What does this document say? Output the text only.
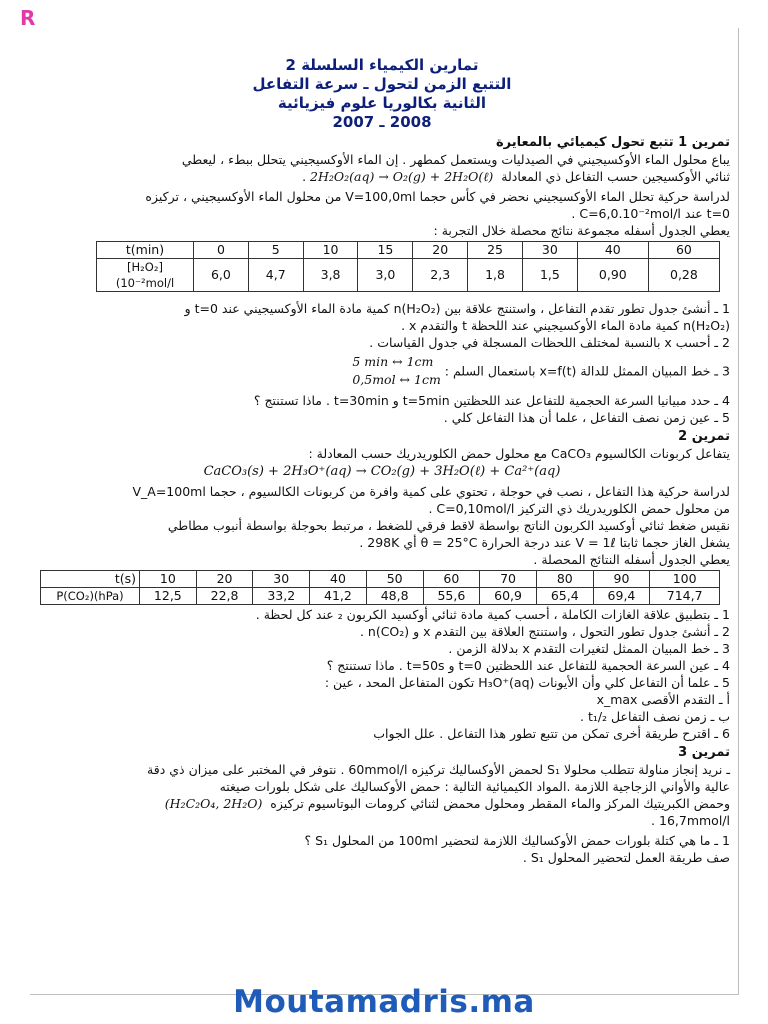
R
تمارين الكيمياء السلسلة 2
التتبع الزمن لتحول ـ سرعة التفاعل
الثانية بكالوريا علوم فيزيائية
2008 ـ 2007
تمرين 1 تتبع تحول كيميائي بالمعايرة

يباع محلول الماء الأوكسيجيني في الصيدليات ويستعمل كمطهر . إن الماء الأوكسيجيني يتحلل ببطء ، ليعطي

ثنائي الأوكسيجين حسب التفاعل ذي المعادلة  2H₂O₂(aq) → O₂(g) + 2H₂O(ℓ) .

لدراسة حركية تحلل الماء الأوكسيجيني نحضر في كأس حجما V=100,0ml من محلول الماء الأوكسيجيني ، تركيزه

t=0 عند C=6,0.10⁻²mol/l .

يعطي الجدول أسفله مجموعة نتائج محصلة خلال التجربة :

t(min)	0	5	10	15	20	25	30	40	60
[H₂O₂] (10⁻²mol/l	6,0	4,7	3,8	3,0	2,3	1,8	1,5	0,90	0,28

1 ـ أنشئ جدول تطور تقدم التفاعل ، واستنتج علاقة بين n(H₂O₂) كمية مادة الماء الأوكسيجيني عند t=0 و

n(H₂O₂) كمية مادة الماء الأوكسيجيني عند اللحظة t والتقدم x .

2 ـ أحسب x بالنسبة لمختلف اللحظات المسجلة في جدول القياسات .

3 ـ خط المبيان الممثل للدالة x=f(t) باستعمال السلم : 5 min ↔ 1cm
0,5mol ↔ 1cm

4 ـ حدد مبيانيا السرعة الحجمية للتفاعل عند اللحظتين t=5min و t=30min . ماذا تستنتج ؟

5 ـ عين زمن نصف التفاعل ، علما أن هذا التفاعل كلي .

تمرين 2

يتفاعل كربونات الكالسيوم CaCO₃ مع محلول حمض الكلوريدريك حسب المعادلة :

CaCO₃(s) + 2H₃O⁺(aq) → CO₂(g) + 3H₂O(ℓ) + Ca²⁺(aq)

لدراسة حركية هذا التفاعل ، نصب في حوجلة ، تحتوي على كمية وافرة من كربونات الكالسيوم ، حجما V_A=100ml

من محلول حمض الكلوريدريك ذي التركيز C=0,10mol/l .

نقيس ضغط ثنائي أوكسيد الكربون الناتج بواسطة لاقط فرقي للضغط ، مرتبط بحوجلة بواسطة أنبوب مطاطي

يشغل الغاز حجما ثابتا V = 1ℓ عند درجة الحرارة θ = 25°C أي 298K .

يعطي الجدول أسفله النتائج المحصلة .

t(s)	10	20	30	40	50	60	70	80	90	100
P(CO₂)(hPa)	12,5	22,8	33,2	41,2	48,8	55,6	60,9	65,4	69,4	714,7

1 ـ بتطبيق علاقة الغازات الكاملة ، أحسب كمية مادة ثنائي أوكسيد الكربون ₂ عند كل لحظة .

2 ـ أنشئ جدول تطور التحول ، واستنتج العلاقة بين التقدم x و n(CO₂) .

3 ـ خط المبيان الممثل لتغيرات التقدم x بدلالة الزمن .

4 ـ عين السرعة الحجمية للتفاعل عند اللحظتين t=0 و t=50s . ماذا تستنتج ؟

5 ـ علما أن التفاعل كلي وأن الأيونات H₃O⁺(aq) تكون المتفاعل المحد ، عين :

أ ـ التقدم الأقصى x_max

ب ـ زمن نصف التفاعل t₁/₂ .

6 ـ اقترح طريقة أخرى تمكن من تتبع تطور هذا التفاعل . علل الجواب

تمرين 3

ـ نريد إنجاز مناولة تتطلب محلولا S₁ لحمض الأوكساليك تركيزه 60mmol/l . نتوفر في المختبر على ميزان ذي دقة

عالية والأواني الزجاجية اللازمة .المواد الكيميائية التالية : حمض الأوكساليك على شكل بلورات صيغته

وحمض الكبريتيك المركز والماء المقطر ومحلول محمض لثنائي كرومات البوتاسيوم تركيزه  (H₂C₂O₄, 2H₂O)

16,7mmol/l .

1 ـ ما هي كتلة بلورات حمض الأوكساليك اللازمة لتحضير 100ml من المحلول S₁ ؟

صف طريقة العمل لتحضير المحلول S₁ .

Moutamadris.ma
